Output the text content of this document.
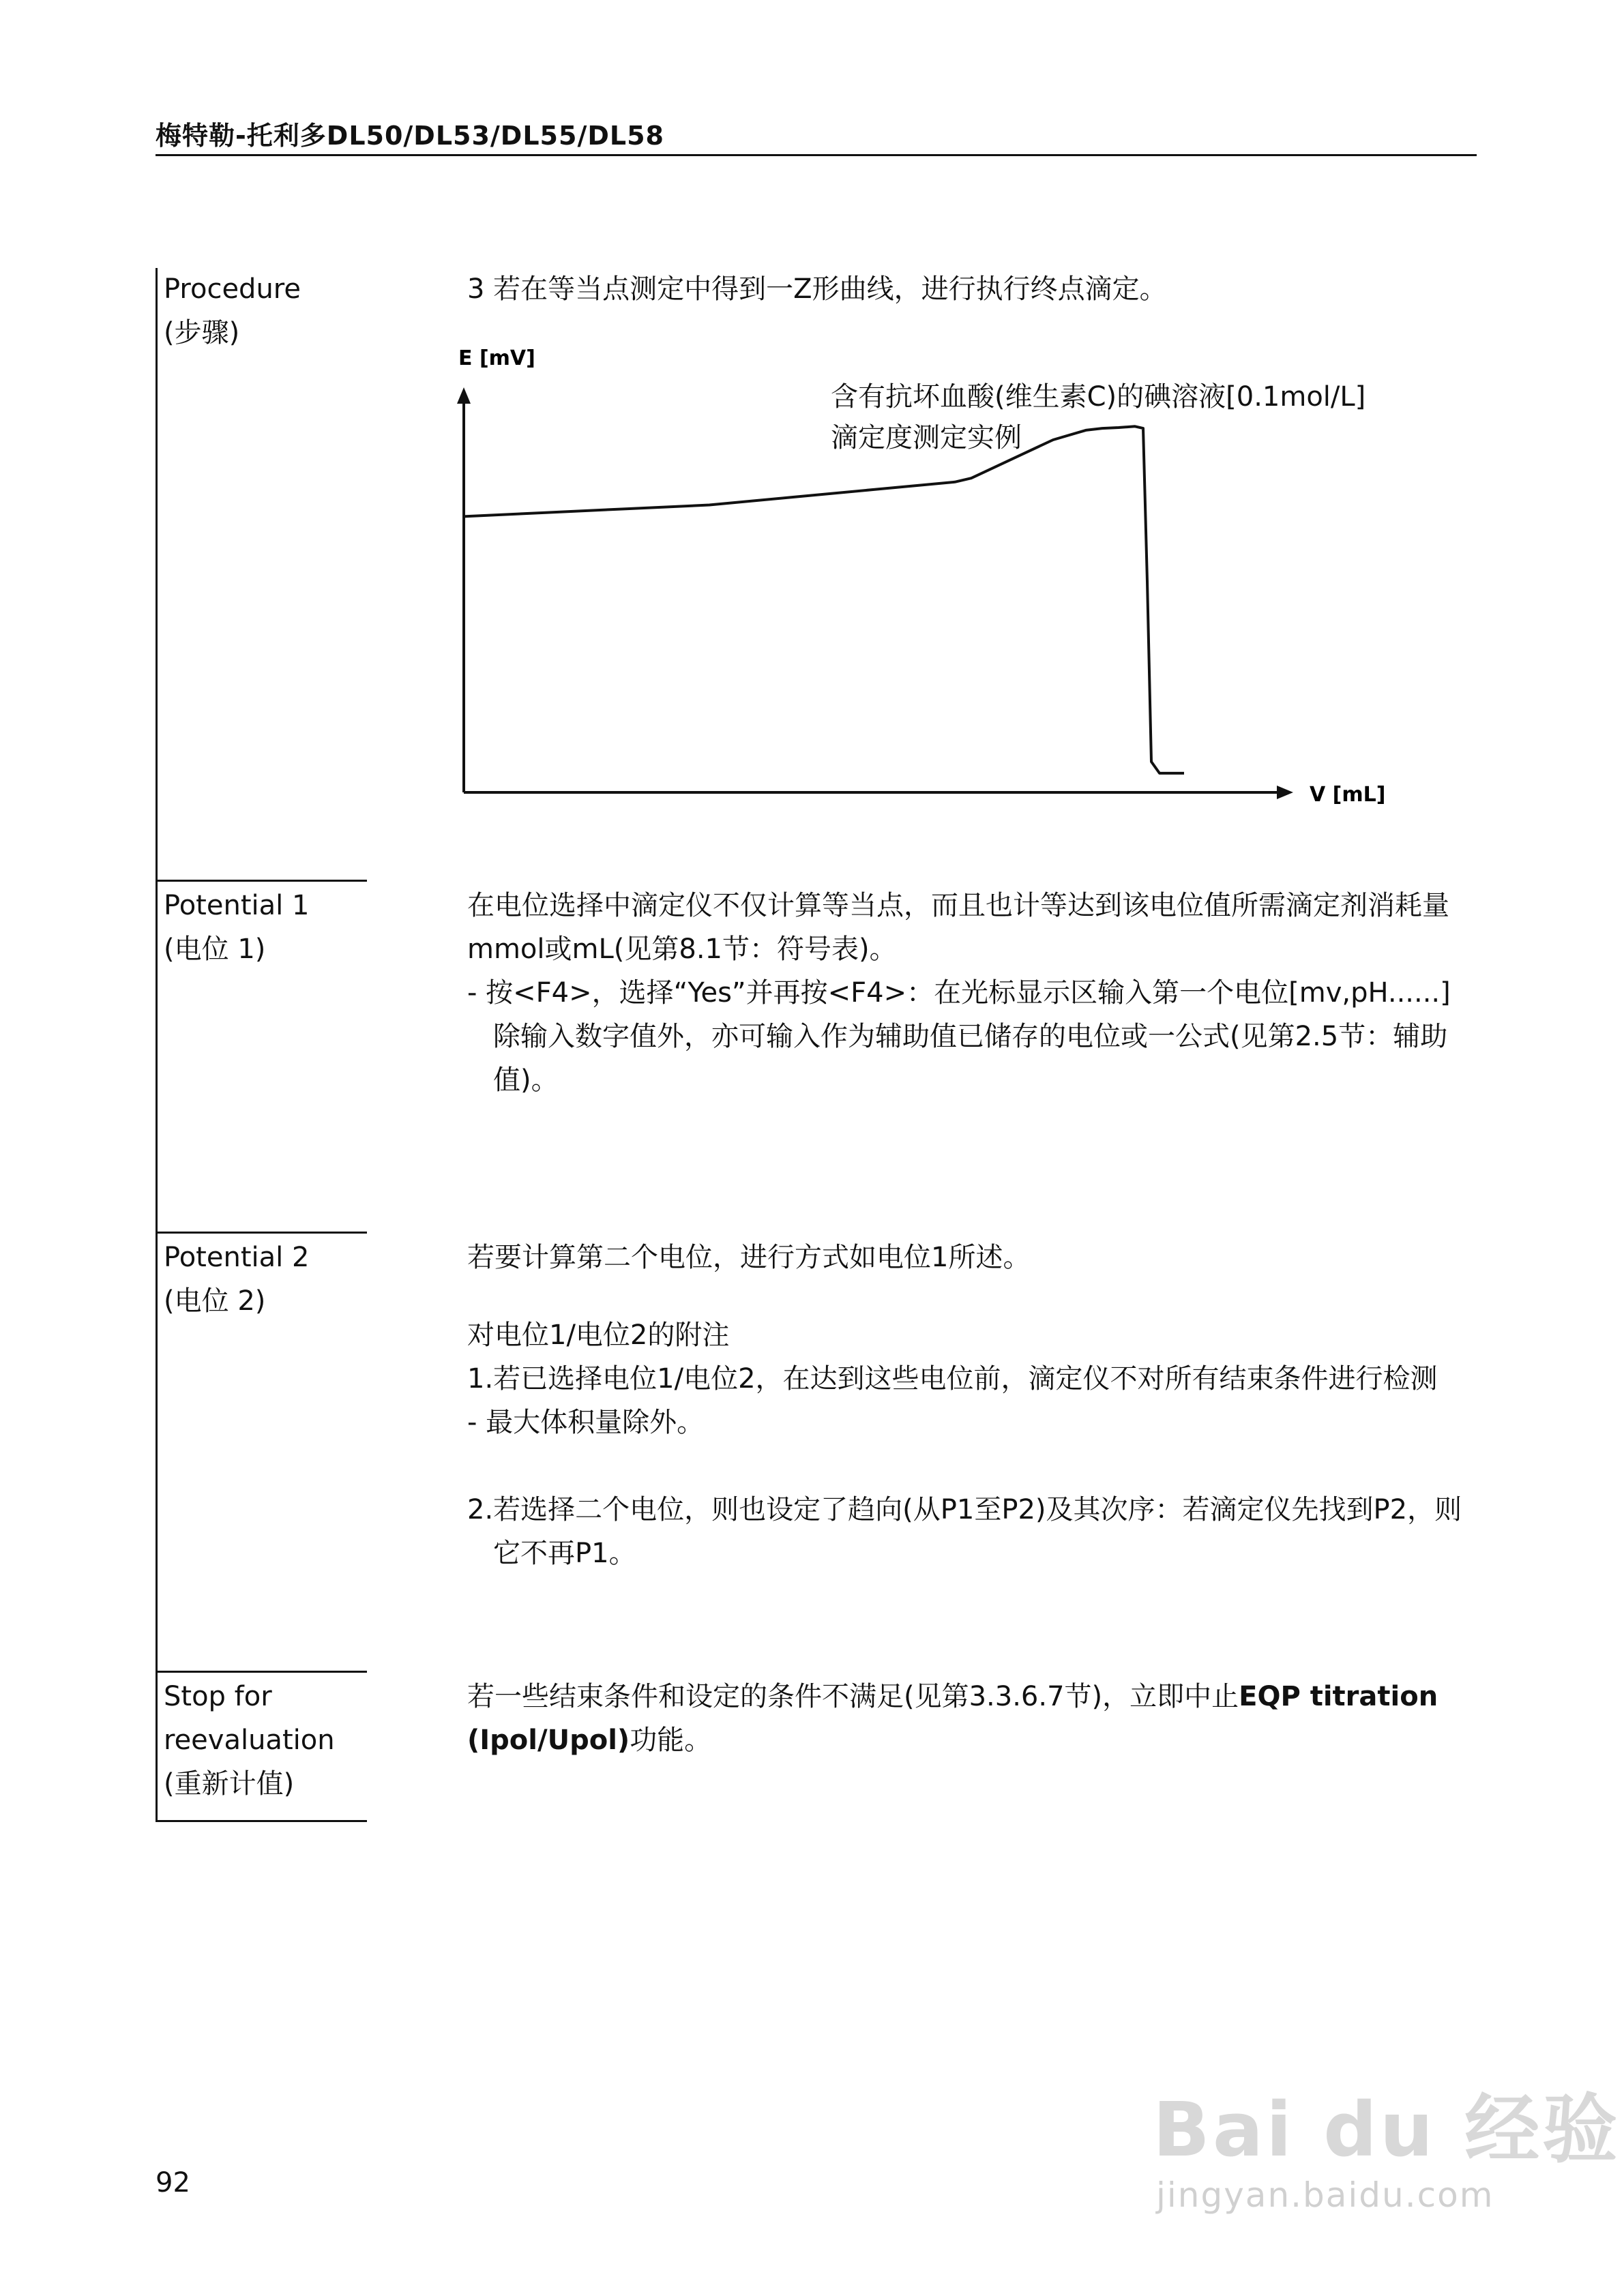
梅特勒-托利多DL50/DL53/DL55/DL58
Procedure
(步骤)
Potential 1
(电位 1)
Potential 2
(电位 2)
Stop for
reevaluation
(重新计值)

3 若在等当点测定中得到一Z形曲线，进行执行终点滴定。

E [mV]
V [mL]
含有抗坏血酸(维生素C)的碘溶液[0.1mol/L]
滴定度测定实例

在电位选择中滴定仪不仅计算等当点，而且也计等达到该电位值所需滴定剂消耗量mmol或mL(见第8.1节：符号表)。

- 按<F4>，选择“Yes”并再按<F4>：在光标显示区输入第一个电位[mv,pH......]除输入数字值外，亦可输入作为辅助值已储存的电位或一公式(见第2.5节：辅助值)。

若要计算第二个电位，进行方式如电位1所述。

对电位1/电位2的附注

1.若已选择电位1/电位2，在达到这些电位前，滴定仪不对所有结束条件进行检测

- 最大体积量除外。

2.若选择二个电位，则也设定了趋向(从P1至P2)及其次序：若滴定仪先找到P2，则它不再P1。

若一些结束条件和设定的条件不满足(见第3.3.6.7节)，立即中止EQP titration (Ipol/Upol)功能。

92
Bai du 经验
jingyan.baidu.com
